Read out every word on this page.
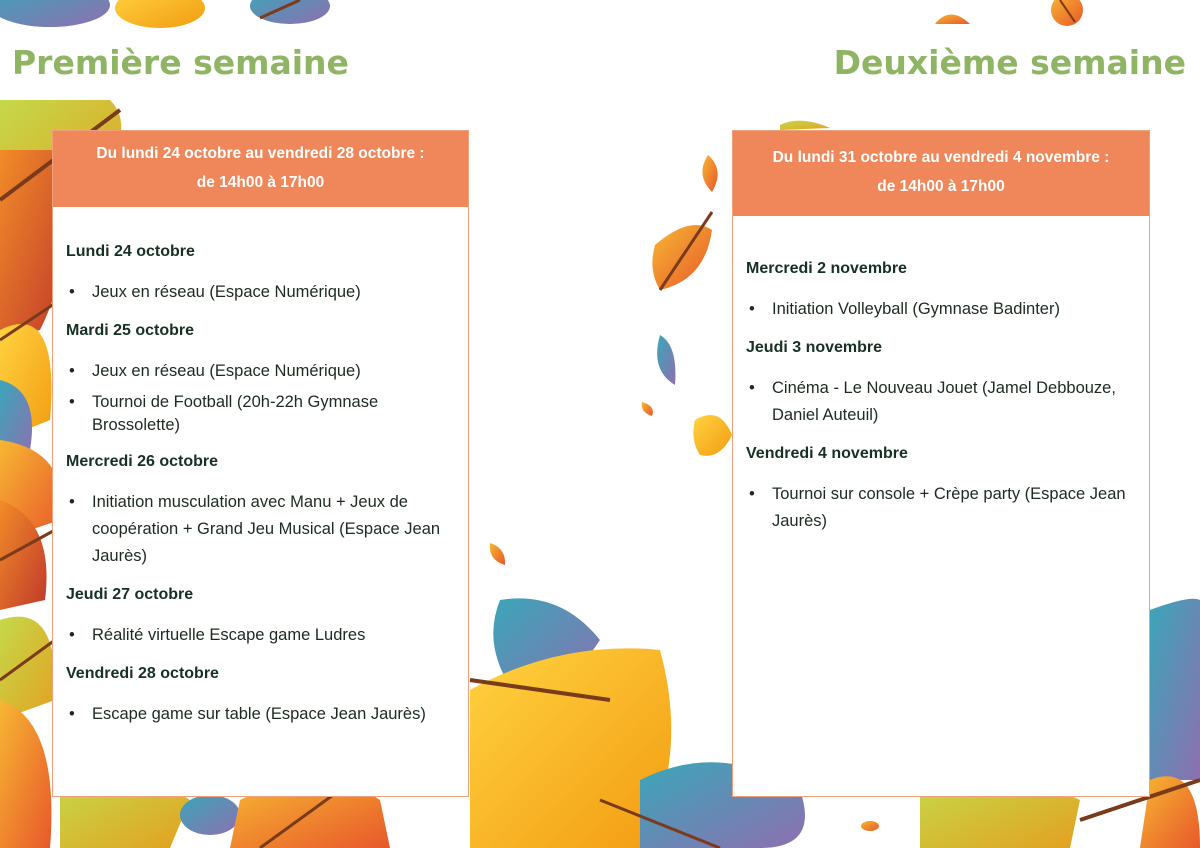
Première semaine	Deuxième semaine
Du lundi 24 octobre au vendredi 28 octobre :
de 14h00 à 17h00

Lundi 24 octobre

• Jeux en réseau (Espace Numérique)

Mardi 25 octobre

• Jeux en réseau (Espace Numérique)
• Tournoi de Football (20h-22h Gymnase Brossolette)

Mercredi 26 octobre

• Initiation musculation avec Manu + Jeux de coopération + Grand Jeu Musical (Espace Jean Jaurès)

Jeudi 27 octobre

• Réalité virtuelle Escape game Ludres

Vendredi 28 octobre

• Escape game sur table (Espace Jean Jaurès)
Du lundi 31 octobre au vendredi 4 novembre :
de 14h00 à 17h00

Mercredi 2 novembre

• Initiation Volleyball (Gymnase Badinter)

Jeudi 3 novembre

• Cinéma - Le Nouveau Jouet (Jamel Debbouze, Daniel Auteuil)

Vendredi 4 novembre

• Tournoi sur console + Crèpe party (Espace Jean Jaurès)
